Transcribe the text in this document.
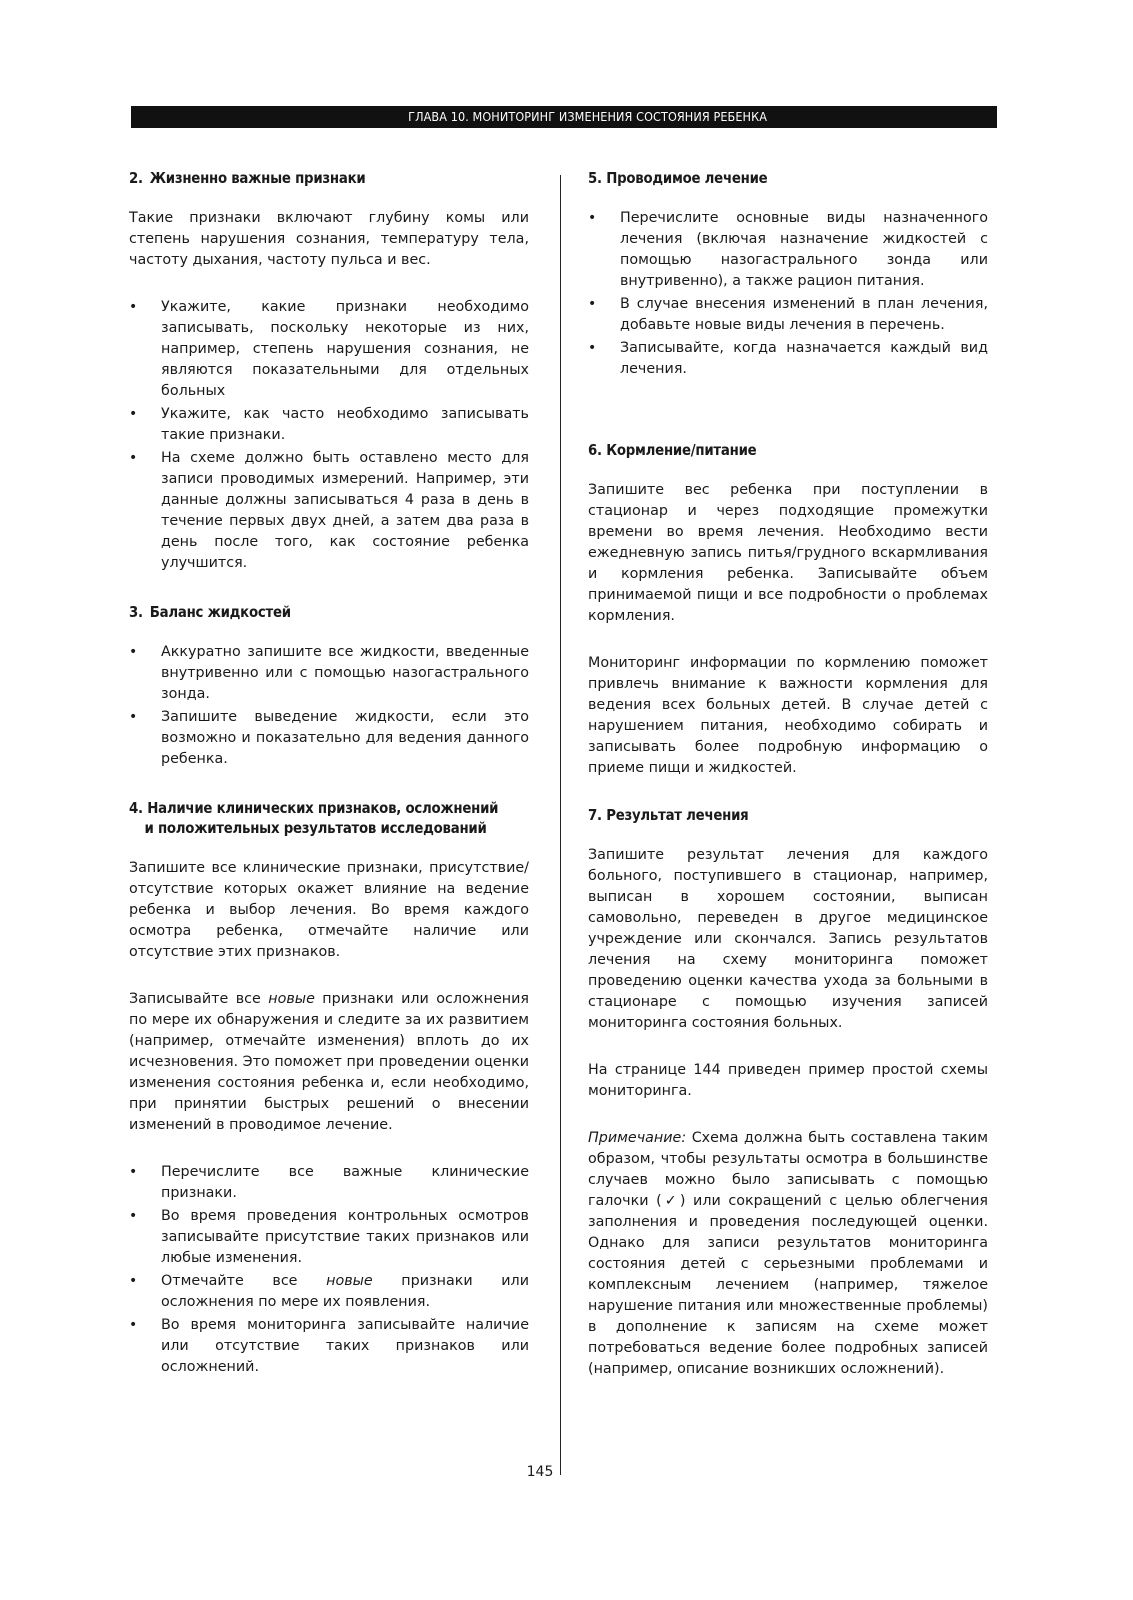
ГЛАВА 10. МОНИТОРИНГ ИЗМЕНЕНИЯ СОСТОЯНИЯ РЕБЕНКА
2. Жизненно важные признаки

Такие признаки включают глубину комы или степень нарушения сознания, температуру тела, частоту дыхания, частоту пульса и вес.

• Укажите, какие признаки необходимо записывать, поскольку некоторые из них, например, степень нарушения сознания, не являются показательными для отдельных больных
• Укажите, как часто необходимо записывать такие признаки.
• На схеме должно быть оставлено место для записи проводимых измерений. Например, эти данные должны записываться 4 раза в день в течение первых двух дней, а затем два раза в день после того, как состояние ребенка улучшится.
3. Баланс жидкостей
• Аккуратно запишите все жидкости, введенные внутривенно или с помощью назогастрального зонда.
• Запишите выведение жидкости, если это возможно и показательно для ведения данного ребенка.
4. Наличие клинических признаков, осложнений
и положительных результатов исследований

Запишите все клинические признаки, присутствие/отсутствие которых окажет влияние на ведение ребенка и выбор лечения. Во время каждого осмотра ребенка, отмечайте наличие или отсутствие этих признаков.

Записывайте все новые признаки или осложнения по мере их обнаружения и следите за их развитием (например, отмечайте изменения) вплоть до их исчезновения. Это поможет при проведении оценки изменения состояния ребенка и, если необходимо, при принятии быстрых решений о внесении изменений в проводимое лечение.

• Перечислите все важные клинические признаки.
• Во время проведения контрольных осмотров записывайте присутствие таких признаков или любые изменения.
• Отмечайте все новые признаки или осложнения по мере их появления.
• Во время мониторинга записывайте наличие или отсутствие таких признаков или осложнений.
5. Проводимое лечение
• Перечислите основные виды назначенного лечения (включая назначение жидкостей с помощью назогастрального зонда или внутривенно), а также рацион питания.
• В случае внесения изменений в план лечения, добавьте новые виды лечения в перечень.
• Записывайте, когда назначается каждый вид лечения.
6. Кормление/питание

Запишите вес ребенка при поступлении в стационар и через подходящие промежутки времени во время лечения. Необходимо вести ежедневную запись питья/грудного вскармливания и кормления ребенка. Записывайте объем принимаемой пищи и все подробности о проблемах кормления.

Мониторинг информации по кормлению поможет привлечь внимание к важности кормления для ведения всех больных детей. В случае детей с нарушением питания, необходимо собирать и записывать более подробную информацию о приеме пищи и жидкостей.

7. Результат лечения

Запишите результат лечения для каждого больного, поступившего в стационар, например, выписан в хорошем состоянии, выписан самовольно, переведен в другое медицинское учреждение или скончался. Запись результатов лечения на схему мониторинга поможет проведению оценки качества ухода за больными в стационаре с помощью изучения записей мониторинга состояния больных.

На странице 144 приведен пример простой схемы мониторинга.

Примечание: Схема должна быть составлена таким образом, чтобы результаты осмотра в большинстве случаев можно было записывать с помощью галочки (✓) или сокращений с целью облегчения заполнения и проведения последующей оценки. Однако для записи результатов мониторинга состояния детей с серьезными проблемами и комплексным лечением (например, тяжелое нарушение питания или множественные проблемы) в дополнение к записям на схеме может потребоваться ведение более подробных записей (например, описание возникших осложнений).

145
